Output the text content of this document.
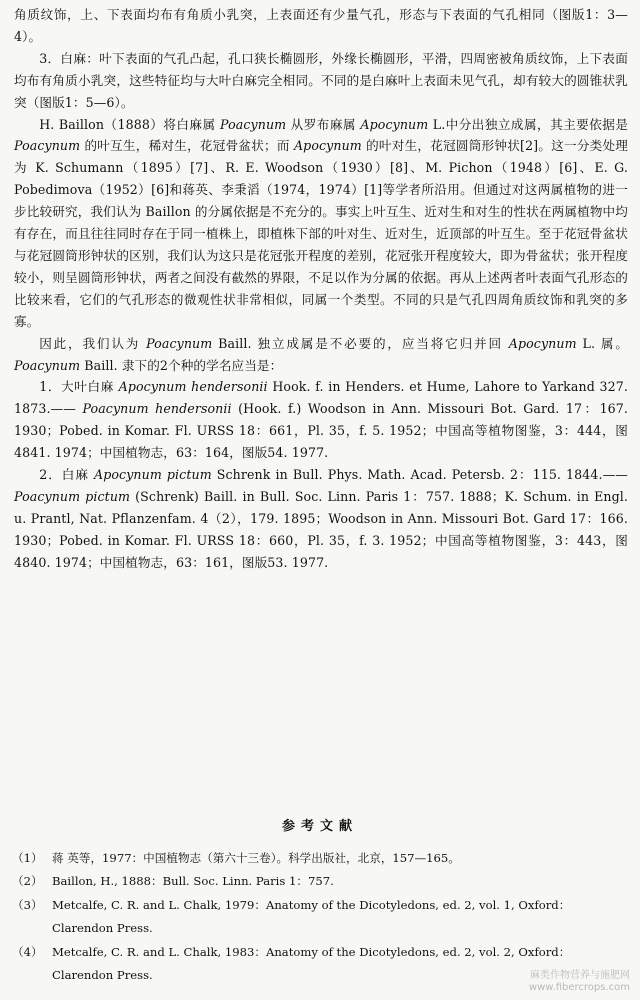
角质纹饰，上、下表面均布有角质小乳突，上表面还有少量气孔，形态与下表面的气孔相同（图版1：3—4）。

3．白麻：叶下表面的气孔凸起，孔口狭长椭圆形，外缘长椭圆形，平滑，四周密被角质纹饰，上下表面均布有角质小乳突，这些特征均与大叶白麻完全相同。不同的是白麻叶上表面未见气孔，却有较大的圆锥状乳突（图版1：5—6）。

H. Baillon（1888）将白麻属 Poacynum 从罗布麻属 Apocynum L.中分出独立成属，其主要依据是 Poacynum 的叶互生，稀对生，花冠骨盆状；而 Apocynum 的叶对生，花冠圆筒形钟状[2]。这一分类处理为 K. Schumann（1895）[7]、R. E. Woodson（1930）[8]、M. Pichon（1948）[6]、E. G. Pobedimova（1952）[6]和蒋英、李秉滔（1974，1974）[1]等学者所沿用。但通过对这两属植物的进一步比较研究，我们认为 Baillon 的分属依据是不充分的。事实上叶互生、近对生和对生的性状在两属植物中均有存在，而且往往同时存在于同一植株上，即植株下部的叶对生、近对生，近顶部的叶互生。至于花冠骨盆状与花冠圆筒形钟状的区别，我们认为这只是花冠张开程度的差别，花冠张开程度较大，即为骨盆状；张开程度较小，则呈圆筒形钟状，两者之间没有截然的界限，不足以作为分属的依据。再从上述两者叶表面气孔形态的比较来看，它们的气孔形态的微观性状非常相似，同属一个类型。不同的只是气孔四周角质纹饰和乳突的多寡。

因此，我们认为 Poacynum Baill. 独立成属是不必要的，应当将它归并回 Apocynum L. 属。 Poacynum Baill. 隶下的2个种的学名应当是：

1．大叶白麻 Apocynum hendersonii Hook. f. in Henders. et Hume, Lahore to Yarkand 327. 1873.—— Poacynum hendersonii (Hook. f.) Woodson in Ann. Missouri Bot. Gard. 17：167. 1930；Pobed. in Komar. Fl. URSS 18：661，Pl. 35，f. 5. 1952；中国高等植物图鉴，3：444，图4841. 1974；中国植物志，63：164，图版54. 1977.

2．白麻 Apocynum pictum Schrenk in Bull. Phys. Math. Acad. Petersb. 2：115. 1844.—— Poacynum pictum (Schrenk) Baill. in Bull. Soc. Linn. Paris 1：757. 1888；K. Schum. in Engl. u. Prantl, Nat. Pflanzenfam. 4（2），179. 1895；Woodson in Ann. Missouri Bot. Gard 17：166. 1930；Pobed. in Komar. Fl. URSS 18：660，Pl. 35，f. 3. 1952；中国高等植物图鉴，3：443，图4840. 1974；中国植物志，63：161，图版53. 1977.

参考文献
（1） 蒋 英等，1977：中国植物志（第六十三卷）。科学出版社，北京，157—165。
（2） Baillon, H., 1888：Bull. Soc. Linn. Paris 1：757.
（3） Metcalfe, C. R. and L. Chalk, 1979：Anatomy of the Dicotyledons, ed. 2, vol. 1, Oxford：Clarendon Press.
（4） Metcalfe, C. R. and L. Chalk, 1983：Anatomy of the Dicotyledons, ed. 2, vol. 2, Oxford：Clarendon Press.	麻类作物营养与施肥网
www.fibercrops.com
